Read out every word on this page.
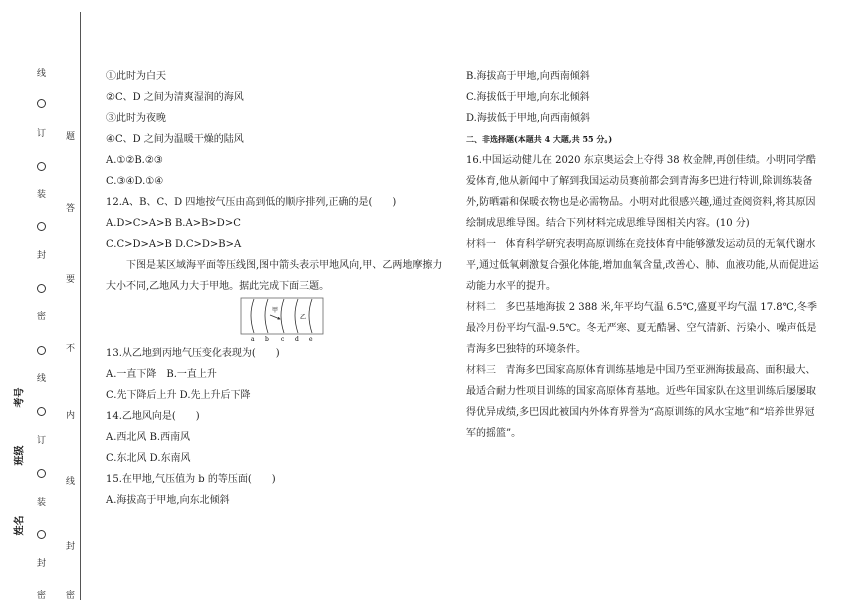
线
订
装
封
密
线
订
装
封
密
题
答
要
不
内
线
封
密
考号
班级
姓名
①此时为白天
②C、D 之间为清爽湿润的海风
③此时为夜晚
④C、D 之间为温暖干燥的陆风
A.①②B.②③
C.③④D.①④
12.A、B、C、D 四地按气压由高到低的顺序排列,正确的是(　　)
A.D>C>A>B B.A>B>D>C
C.C>D>A>B D.C>D>B>A
下图是某区域海平面等压线图,图中箭头表示甲地风向,甲、乙两地摩擦力大小不同,乙地风力大于甲地。据此完成下面三题。
甲
乙
a b c d e
13.从乙地到丙地气压变化表现为(　　)
A.一直下降　B.一直上升
C.先下降后上升 D.先上升后下降
14.乙地风向是(　　)
A.西北风 B.西南风
C.东北风 D.东南风
15.在甲地,气压值为 b 的等压面(　　)
A.海拔高于甲地,向东北倾斜
B.海拔高于甲地,向西南倾斜
C.海拔低于甲地,向东北倾斜
D.海拔低于甲地,向西南倾斜
二、非选择题(本题共 4 大题,共 55 分。)
16.中国运动健儿在 2020 东京奥运会上夺得 38 枚金牌,再创佳绩。小明同学酷爱体育,他从新闻中了解到我国运动员赛前都会到青海多巴进行特训,除训练装备外,防晒霜和保暖衣物也是必需物品。小明对此很感兴趣,通过查阅资料,将其原因绘制成思维导图。结合下列材料完成思维导图相关内容。(10 分)
材料一 体育科学研究表明高原训练在竞技体育中能够激发运动员的无氧代谢水平,通过低氧刺激复合强化体能,增加血氧含量,改善心、肺、血液功能,从而促进运动能力水平的提升。
材料二 多巴基地海拔 2 388 米,年平均气温 6.5℃,盛夏平均气温 17.8℃,冬季最冷月份平均气温-9.5℃。冬无严寒、夏无酷暑、空气清新、污染小、噪声低是青海多巴独特的环境条件。
材料三 青海多巴国家高原体育训练基地是中国乃至亚洲海拔最高、面积最大、最适合耐力性项目训练的国家高原体育基地。近些年国家队在这里训练后屡屡取得优异成绩,多巴因此被国内外体育界誉为“高原训练的风水宝地”和“培养世界冠军的摇篮”。
